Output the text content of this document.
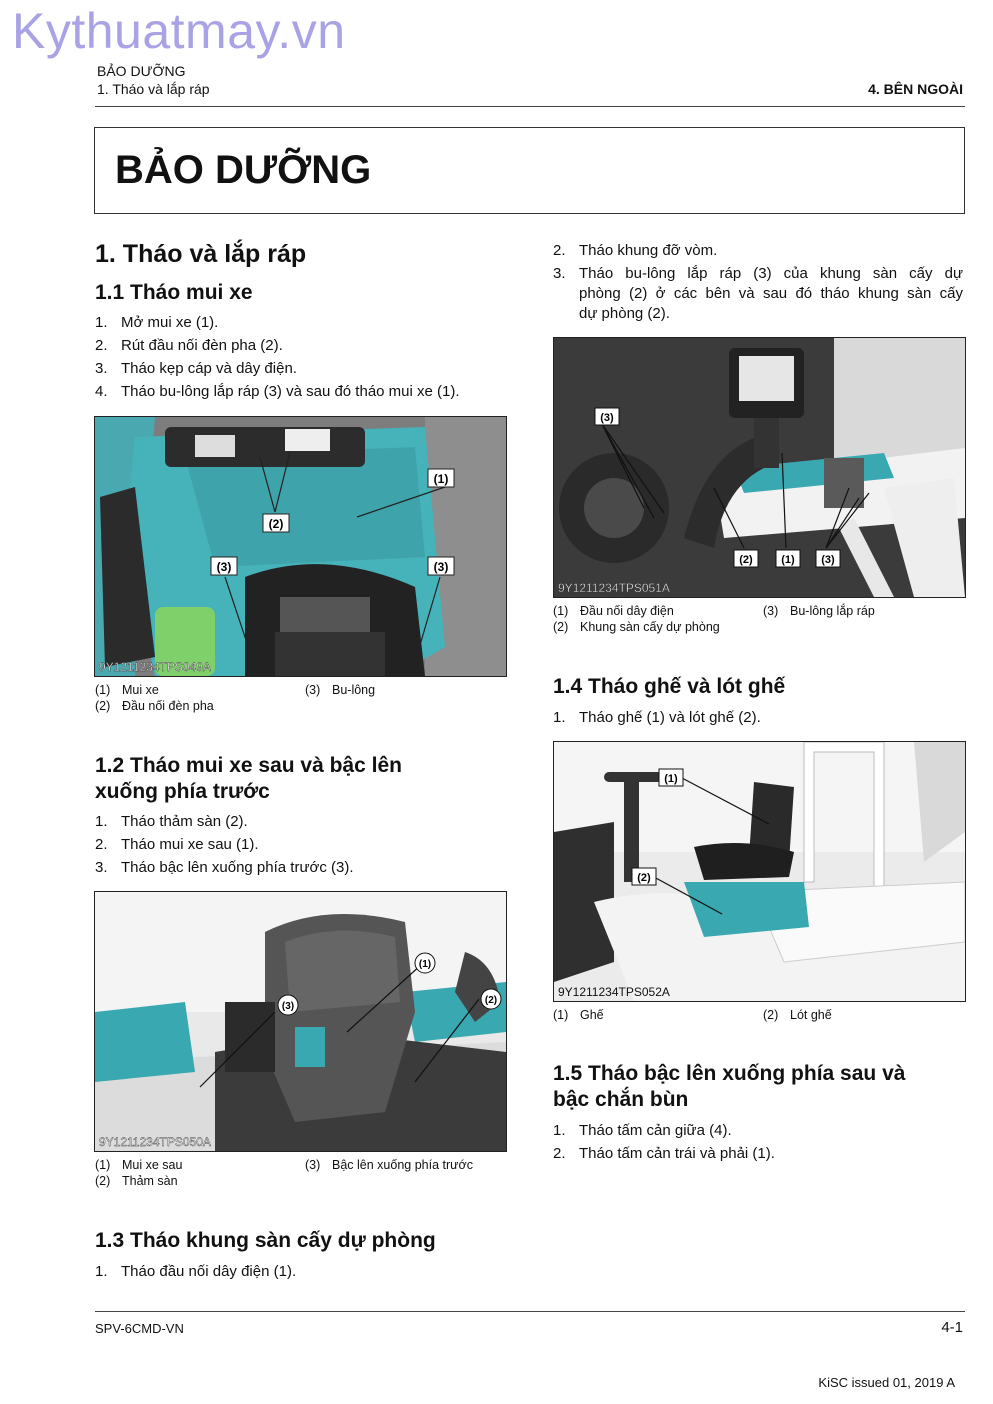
Kythuatmay.vn
BẢO DƯỠNG
1. Tháo và lắp ráp	4. BÊN NGOÀI
BẢO DƯỠNG
1. Tháo và lắp ráp
1.1 Tháo mui xe
1. Mở mui xe (1).
2. Rút đầu nối đèn pha (2).
3. Tháo kẹp cáp và dây điện.
4. Tháo bu-lông lắp ráp (3) và sau đó tháo mui xe (1).
(1)
(2)
(3)	(3)
9Y1211234TPS049A
(1) Mui xe
(2) Đầu nối đèn pha
(3) Bu-lông
1.2 Tháo mui xe sau và bậc lên
xuống phía trước
1. Tháo thảm sàn (2).
2. Tháo mui xe sau (1).
3. Tháo bậc lên xuống phía trước (3).
(1)
(2)
(3)
9Y1211234TPS050A
(1) Mui xe sau
(2) Thảm sàn
(3) Bậc lên xuống phía trước
1.3 Tháo khung sàn cấy dự phòng
1. Tháo đầu nối dây điện (1).
2. Tháo khung đỡ vòm.
3. Tháo bu-lông lắp ráp (3) của khung sàn cấy dự
phòng (2) ở các bên và sau đó tháo khung sàn cấy
dự phòng (2).
(3)
(2)	(1) (3)
9Y1211234TPS051A
(1) Đầu nối dây điện
(2) Khung sàn cấy dự phòng
(3) Bu-lông lắp ráp
1.4 Tháo ghế và lót ghế
1. Tháo ghế (1) và lót ghế (2).
(1)
(2)
9Y1211234TPS052A
(1) Ghế	(2) Lót ghế
1.5 Tháo bậc lên xuống phía sau và
bậc chắn bùn
1. Tháo tấm cản giữa (4).
2. Tháo tấm cản trái và phải (1).
SPV-6CMD-VN	4-1
KiSC issued 01, 2019 A
